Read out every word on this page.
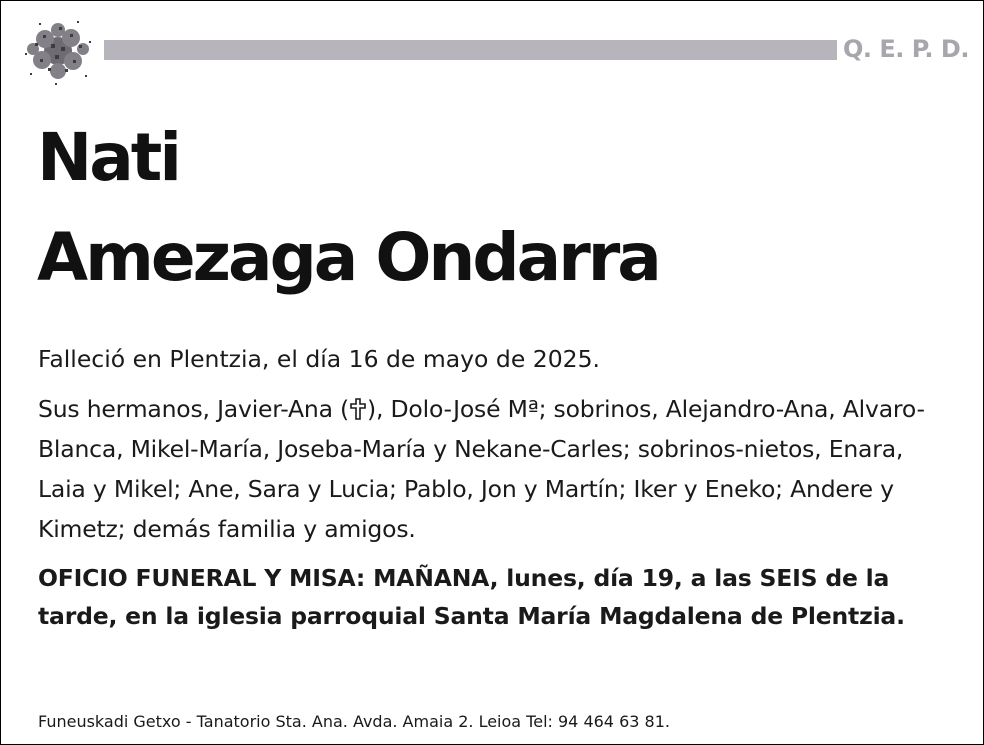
Q. E. P. D.
Nati
Amezaga Ondarra

Falleció en Plentzia, el día 16 de mayo de 2025.

Sus hermanos, Javier-Ana ( ), Dolo-José Mª; sobrinos, Alejandro-Ana, Alvaro-Blanca, Mikel-María, Joseba-María y Nekane-Carles; sobrinos-nietos, Enara, Laia y Mikel; Ane, Sara y Lucia; Pablo, Jon y Martín; Iker y Eneko; Andere y Kimetz; demás familia y amigos.

OFICIO FUNERAL Y MISA: MAÑANA, lunes, día 19, a las SEIS de la tarde, en la iglesia parroquial Santa María Magdalena de Plentzia.

Funeuskadi Getxo - Tanatorio Sta. Ana. Avda. Amaia 2. Leioa Tel: 94 464 63 81.
